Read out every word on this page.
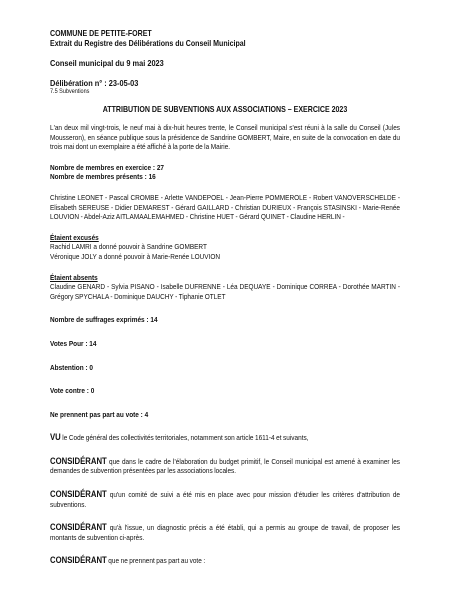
COMMUNE DE PETITE-FORET
Extrait du Registre des Délibérations du Conseil Municipal
Conseil municipal du 9 mai 2023
Délibération n° : 23-05-03
7.5 Subventions
ATTRIBUTION DE SUBVENTIONS AUX ASSOCIATIONS – EXERCICE 2023
L'an deux mil vingt-trois, le neuf mai à dix-huit heures trente, le Conseil municipal s'est réuni à la salle du Conseil (Jules Mousseron), en séance publique sous la présidence de Sandrine GOMBERT, Maire, en suite de la convocation en date du trois mai dont un exemplaire a été affiché à la porte de la Mairie.
Nombre de membres en exercice : 27
Nombre de membres présents : 16
Christine LEONET - Pascal CROMBE - Arlette VANDEPOEL - Jean-Pierre POMMEROLE - Robert VANOVERSCHELDE - Elisabeth SEREUSE - Didier DEMAREST - Gérard GAILLARD - Christian DURIEUX - François STASINSKI - Marie-Renée LOUVION - Abdel-Aziz AITLAMAALEMAHMED - Christine HUET - Gérard QUINET - Claudine HERLIN -
Étaient excusés
Rachid LAMRI a donné pouvoir à Sandrine GOMBERT
Véronique JOLY a donné pouvoir à Marie-Renée LOUVION
Étaient absents
Claudine GENARD - Sylvia PISANO - Isabelle DUFRENNE - Léa DEQUAYE - Dominique CORREA - Dorothée MARTIN - Grégory SPYCHALA - Dominique DAUCHY - Tiphanie OTLET
Nombre de suffrages exprimés : 14
Votes Pour : 14
Abstention : 0
Vote contre : 0
Ne prennent pas part au vote : 4
VU le Code général des collectivités territoriales, notamment son article 1611-4 et suivants,
CONSIDÉRANT que dans le cadre de l'élaboration du budget primitif, le Conseil municipal est amené à examiner les demandes de subvention présentées par les associations locales.
CONSIDÉRANT qu'un comité de suivi a été mis en place avec pour mission d'étudier les critères d'attribution de subventions.
CONSIDÉRANT qu'à l'issue, un diagnostic précis a été établi, qui a permis au groupe de travail, de proposer les montants de subvention ci-après.
CONSIDÉRANT que ne prennent pas part au vote :
